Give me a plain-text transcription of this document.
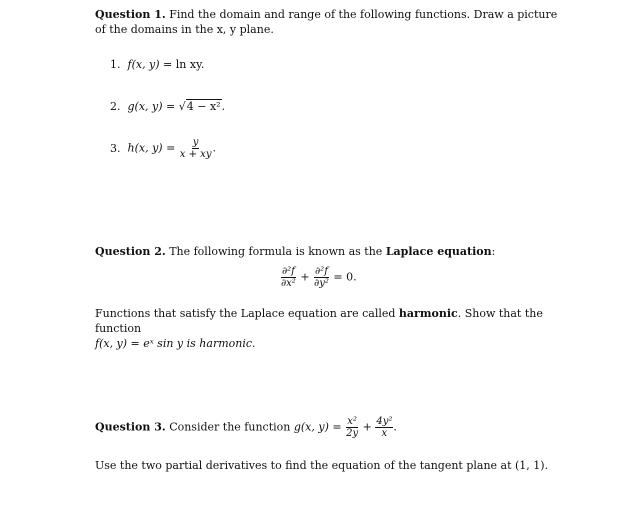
Question 1. Find the domain and range of the following functions. Draw a picture of the domains in the x, y plane.
1. f(x, y) = ln xy.
2. g(x, y) = √4 − x².
3. h(x, $y) = \frac{y}{x + xy}$ .
Question 2. The following formula is known as the Laplace equation:
$\frac{\text{∂²f}}{\text{∂x²}} + \frac{\text{∂²f}}{\text{∂y²}} = 0$.
Functions that satisfy the Laplace equation are called harmonic. Show that the function
f(x, y) = eˣ sin y is harmonic.
Question 3. Consider the function g(x, $y) = \frac{\text{x²}}{2y} + \frac{\text{4y²}}{x}$ .
Use the two partial derivatives to find the equation of the tangent plane at (1, 1).
